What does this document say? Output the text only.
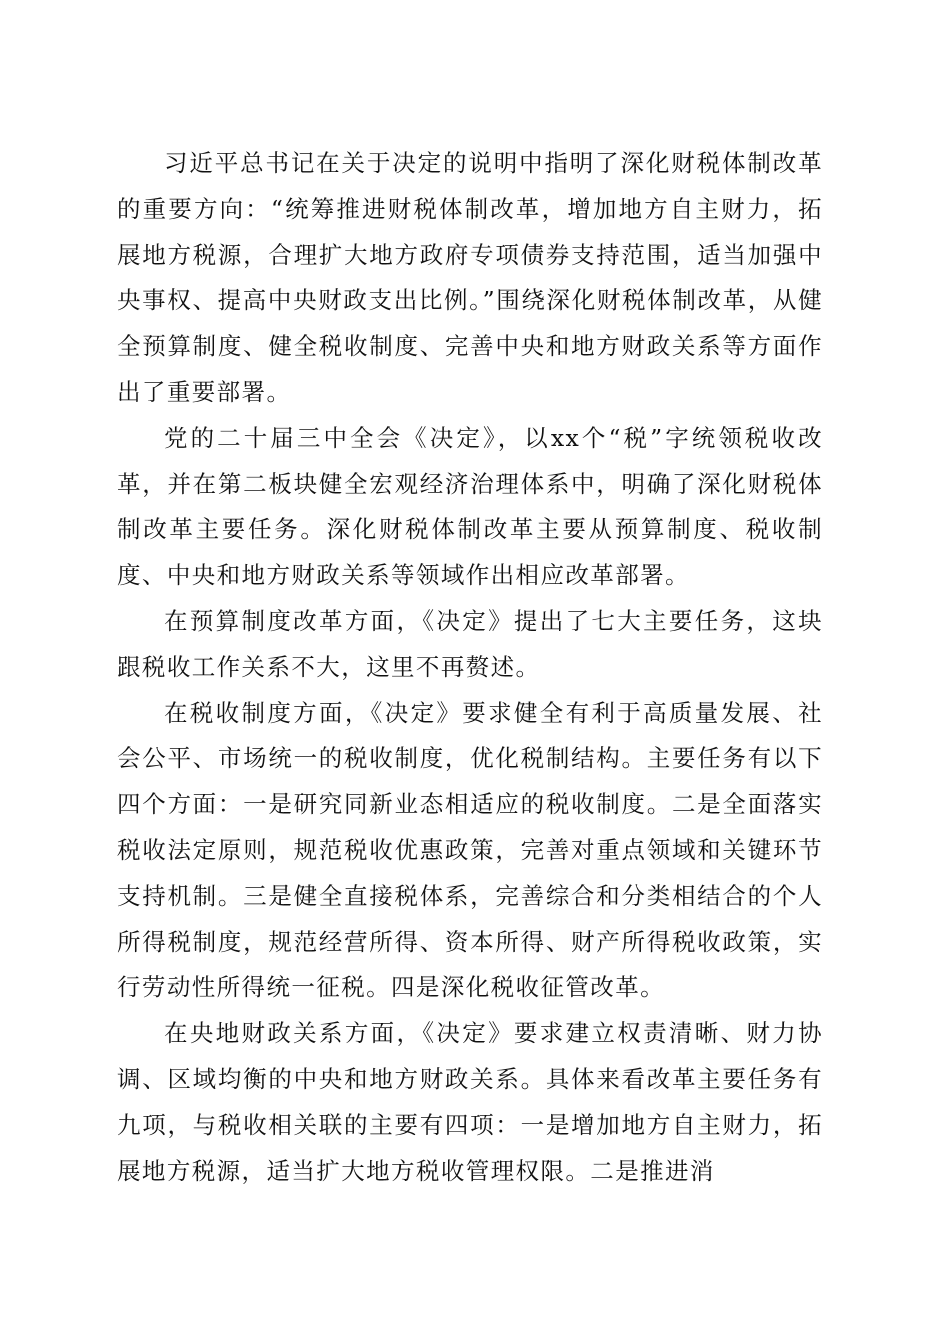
习近平总书记在关于决定的说明中指明了深化财税体制改革的重要方向：“统筹推进财税体制改革，增加地方自主财力，拓展地方税源，合理扩大地方政府专项债券支持范围，适当加强中央事权、提高中央财政支出比例。”围绕深化财税体制改革，从健全预算制度、健全税收制度、完善中央和地方财政关系等方面作出了重要部署。

党的二十届三中全会《决定》，以xx个“税”字统领税收改革，并在第二板块健全宏观经济治理体系中，明确了深化财税体制改革主要任务。深化财税体制改革主要从预算制度、税收制度、中央和地方财政关系等领域作出相应改革部署。

在预算制度改革方面，《决定》提出了七大主要任务，这块跟税收工作关系不大，这里不再赘述。

在税收制度方面，《决定》要求健全有利于高质量发展、社会公平、市场统一的税收制度，优化税制结构。主要任务有以下四个方面：一是研究同新业态相适应的税收制度。二是全面落实税收法定原则，规范税收优惠政策，完善对重点领域和关键环节支持机制。三是健全直接税体系，完善综合和分类相结合的个人所得税制度，规范经营所得、资本所得、财产所得税收政策，实行劳动性所得统一征税。四是深化税收征管改革。

在央地财政关系方面，《决定》要求建立权责清晰、财力协调、区域均衡的中央和地方财政关系。具体来看改革主要任务有九项，与税收相关联的主要有四项：一是增加地方自主财力，拓展地方税源，适当扩大地方税收管理权限。二是推进消
